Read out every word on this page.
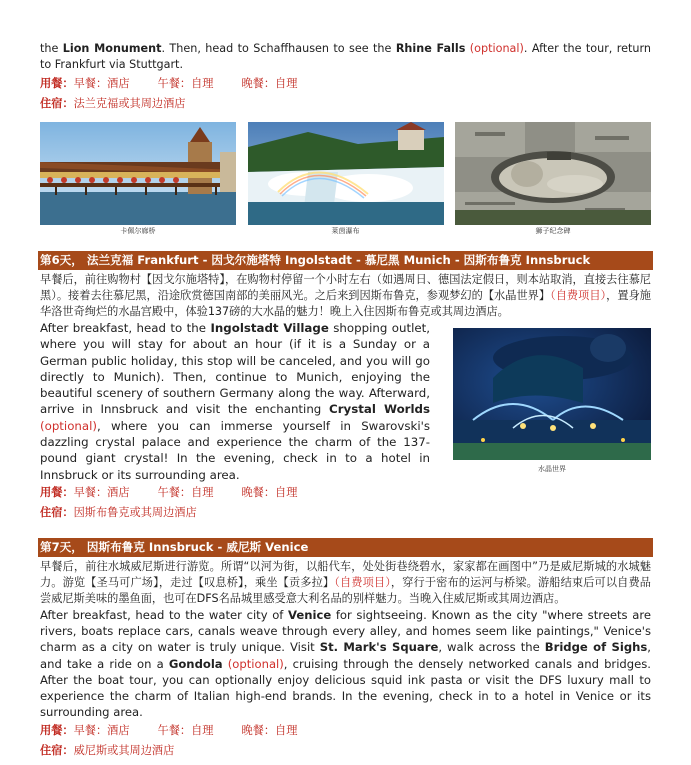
the Lion Monument. Then, head to Schaffhausen to see the Rhine Falls (optional). After the tour, return to Frankfurt via Stuttgart.
用餐： 早餐：酒店	午餐：自理	晚餐：自理
住宿： 法兰克福或其周边酒店
卡佩尔廊桥	莱茵瀑布	狮子纪念碑
第6天， 法兰克福 Frankfurt - 因戈尔施塔特 Ingolstadt - 慕尼黑 Munich - 因斯布鲁克 Innsbruck
早餐后，前往购物村【因戈尔施塔特】，在购物村停留一个小时左右（如遇周日、德国法定假日，则本站取消，直接去往慕尼黑）。接着去往慕尼黑，沿途欣赏德国南部的美丽风光。之后来到因斯布鲁克，参观梦幻的【水晶世界】（自费项目），置身施华洛世奇绚烂的水晶宫殿中，体验137磅的大水晶的魅力！晚上入住因斯布鲁克或其周边酒店。
水晶世界
After breakfast, head to the Ingolstadt Village shopping outlet, where you will stay for about an hour (if it is a Sunday or a German public holiday, this stop will be canceled, and you will go directly to Munich). Then, continue to Munich, enjoying the beautiful scenery of southern Germany along the way. Afterward, arrive in Innsbruck and visit the enchanting Crystal Worlds (optional), where you can immerse yourself in Swarovski's dazzling crystal palace and experience the charm of the 137-pound giant crystal! In the evening, check in to a hotel in Innsbruck or its surrounding area.
用餐： 早餐：酒店	午餐：自理	晚餐：自理
住宿： 因斯布鲁克或其周边酒店
第7天， 因斯布鲁克 Innsbruck - 威尼斯 Venice
早餐后，前往水城威尼斯进行游览。所谓“以河为街，以船代车，处处街巷绕碧水，家家都在画图中”乃是威尼斯城的水城魅力。游览【圣马可广场】，走过【叹息桥】，乘坐【贡多拉】（自费项目），穿行于密布的运河与桥梁。游船结束后可以自费品尝威尼斯美味的墨鱼面，也可在DFS名品城里感受意大利名品的别样魅力。当晚入住威尼斯或其周边酒店。
After breakfast, head to the water city of Venice for sightseeing. Known as the city "where streets are rivers, boats replace cars, canals weave through every alley, and homes seem like paintings," Venice's charm as a city on water is truly unique. Visit St. Mark's Square, walk across the Bridge of Sighs, and take a ride on a Gondola (optional), cruising through the densely networked canals and bridges. After the boat tour, you can optionally enjoy delicious squid ink pasta or visit the DFS luxury mall to experience the charm of Italian high-end brands. In the evening, check in to a hotel in Venice or its surrounding area.
用餐： 早餐：酒店	午餐：自理	晚餐：自理
住宿： 威尼斯或其周边酒店
